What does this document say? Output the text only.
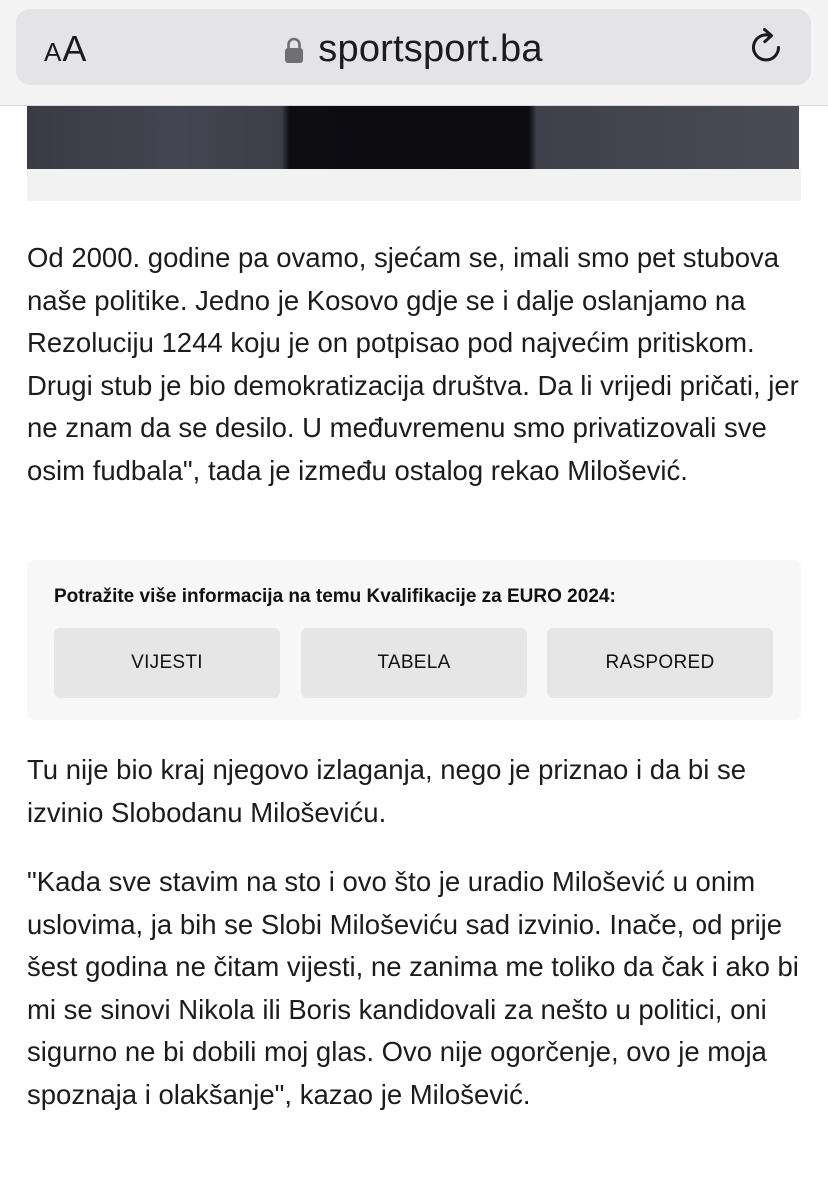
A A	sportsport.ba

Od 2000. godine pa ovamo, sjećam se, imali smo pet stubova naše politike. Jedno je Kosovo gdje se i dalje oslanjamo na Rezoluciju 1244 koju je on potpisao pod najvećim pritiskom. Drugi stub je bio demokratizacija društva. Da li vrijedi pričati, jer ne znam da se desilo. U međuvremenu smo privatizovali sve osim fudbala", tada je između ostalog rekao Milošević.

Potražite više informacija na temu Kvalifikacije za EURO 2024:
VIJESTI	TABELA	RASPORED

Tu nije bio kraj njegovo izlaganja, nego je priznao i da bi se izvinio Slobodanu Miloševiću.

"Kada sve stavim na sto i ovo što je uradio Milošević u onim uslovima, ja bih se Slobi Miloševiću sad izvinio. Inače, od prije šest godina ne čitam vijesti, ne zanima me toliko da čak i ako bi mi se sinovi Nikola ili Boris kandidovali za nešto u politici, oni sigurno ne bi dobili moj glas. Ovo nije ogorčenje, ovo je moja spoznaja i olakšanje", kazao je Milošević.
